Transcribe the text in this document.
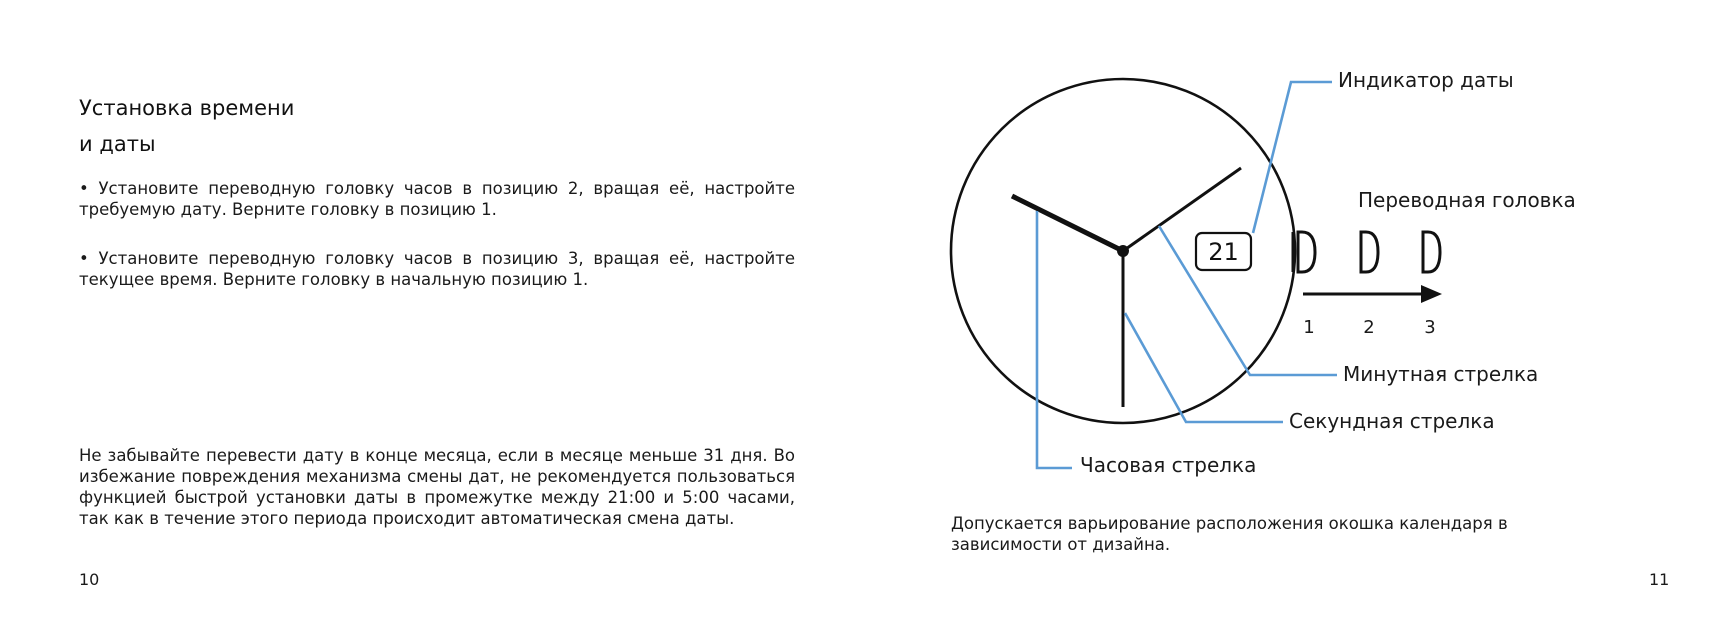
Установка времени
и даты

• Установите переводную головку часов в позицию 2, вращая её, настройте требуемую дату. Верните головку в позицию 1.

• Установите переводную головку часов в позицию 3, вращая её, настройте текущее время. Верните головку в начальную позицию 1.

Не забывайте перевести дату в конце месяца, если в месяце меньше 31 дня. Во избежание повреждения механизма смены дат, не рекомендуется пользоваться функцией быстрой установки даты в промежутке между 21:00 и 5:00 часами, так как в течение этого периода происходит автоматическая смена даты.

10

21
1	2	3
Индикатор даты
Переводная головка
Минутная стрелка
Секундная стрелка
Часовая стрелка

Допускается варьирование расположения окошка календаря в зависимости от дизайна.

11
